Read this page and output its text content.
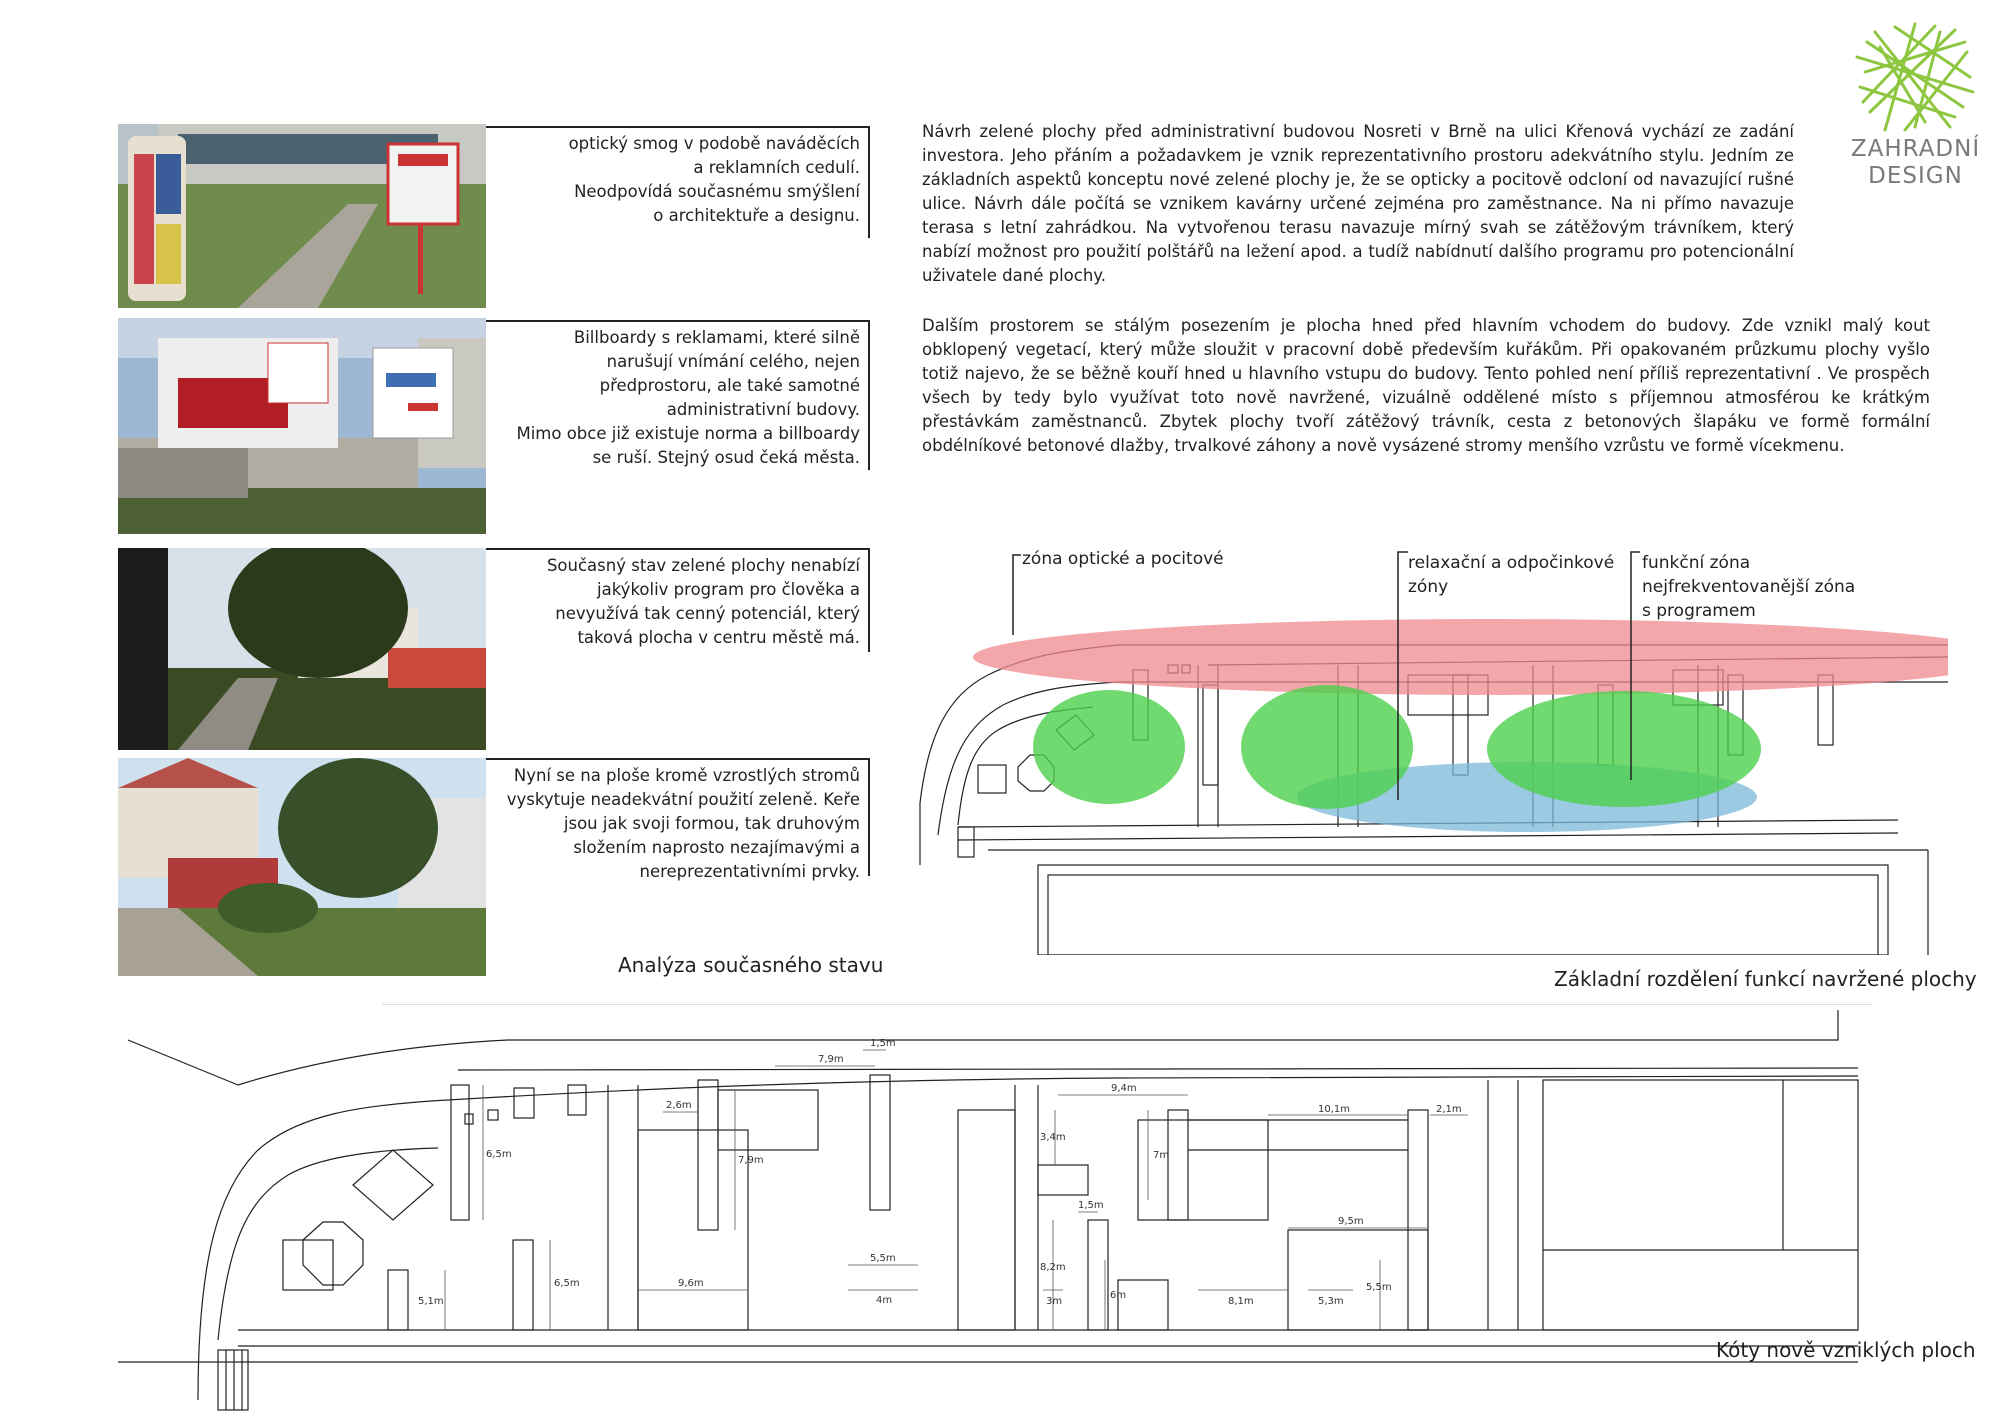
ZAHRADNÍ
DESIGN

optický smog v podobě naváděcích
a reklamních cedulí.
Neodpovídá současnému smýšlení
o architektuře a designu.

Billboardy s reklamami, které silně
narušují vnímání celého, nejen
předprostoru, ale také samotné
administrativní budovy.
Mimo obce již existuje norma a billboardy
se ruší. Stejný osud čeká města.

Současný stav zelené plochy nenabízí
jakýkoliv program pro člověka a
nevyužívá tak cenný potenciál, který
taková plocha v centru městě má.

Nyní se na ploše kromě vzrostlých stromů
vyskytuje neadekvátní použití zeleně. Keře
jsou jak svoji formou, tak druhovým
složením naprosto nezajímavými a
nereprezentativními prvky.

Analýza současného stavu

Návrh zelené plochy před administrativní budovou Nosreti v Brně na ulici Křenová vychází ze zadání investora. Jeho přáním a požadavkem je vznik reprezentativního prostoru adekvátního stylu. Jedním ze základních aspektů konceptu nové zelené plochy je, že se opticky a pocitově odcloní od navazující rušné ulice. Návrh dále počítá se vznikem kavárny určené zejména pro zaměstnance. Na ni přímo navazuje terasa s letní zahrádkou. Na vytvořenou terasu navazuje mírný svah se zátěžovým trávníkem, který nabízí možnost pro použití polštářů na ležení apod. a tudíž nabídnutí dalšího programu pro potencionální uživatele dané plochy.

Dalším prostorem se stálým posezením je plocha hned před hlavním vchodem do budovy. Zde vznikl malý kout obklopený vegetací, který může sloužit v pracovní době především kuřákům. Při opakovaném průzkumu plochy vyšlo totiž najevo, že se běžně kouří hned u hlavního vstupu do budovy. Tento pohled není příliš reprezentativní . Ve prospěch všech by tedy bylo využívat toto nově navržené, vizuálně oddělené místo s příjemnou atmosférou ke krátkým přestávkám zaměstnanců. Zbytek plochy tvoří zátěžový trávník, cesta z betonových šlapáku ve formě formální obdélníkové betonové dlažby, trvalkové záhony a nově vysázené stromy menšího vzrůstu ve formě vícekmenu.

zóna optické a pocitové	relaxační a odpočinkové
zóny
funkční zóna
nejfrekventovanější zóna
s programem
Základní rozdělení funkcí navržené plochy
7,9m
1,5m
2,6m
6,5m
7,9m
5,1m
6,5m	9,6m
5,5m
4m
9,4m
3,4m
7m
10,1m	2,1m
1,5m
8,2m
3m
6m
8,1m	5,3m
5,5m
9,5m
Kóty nově vzniklých ploch
